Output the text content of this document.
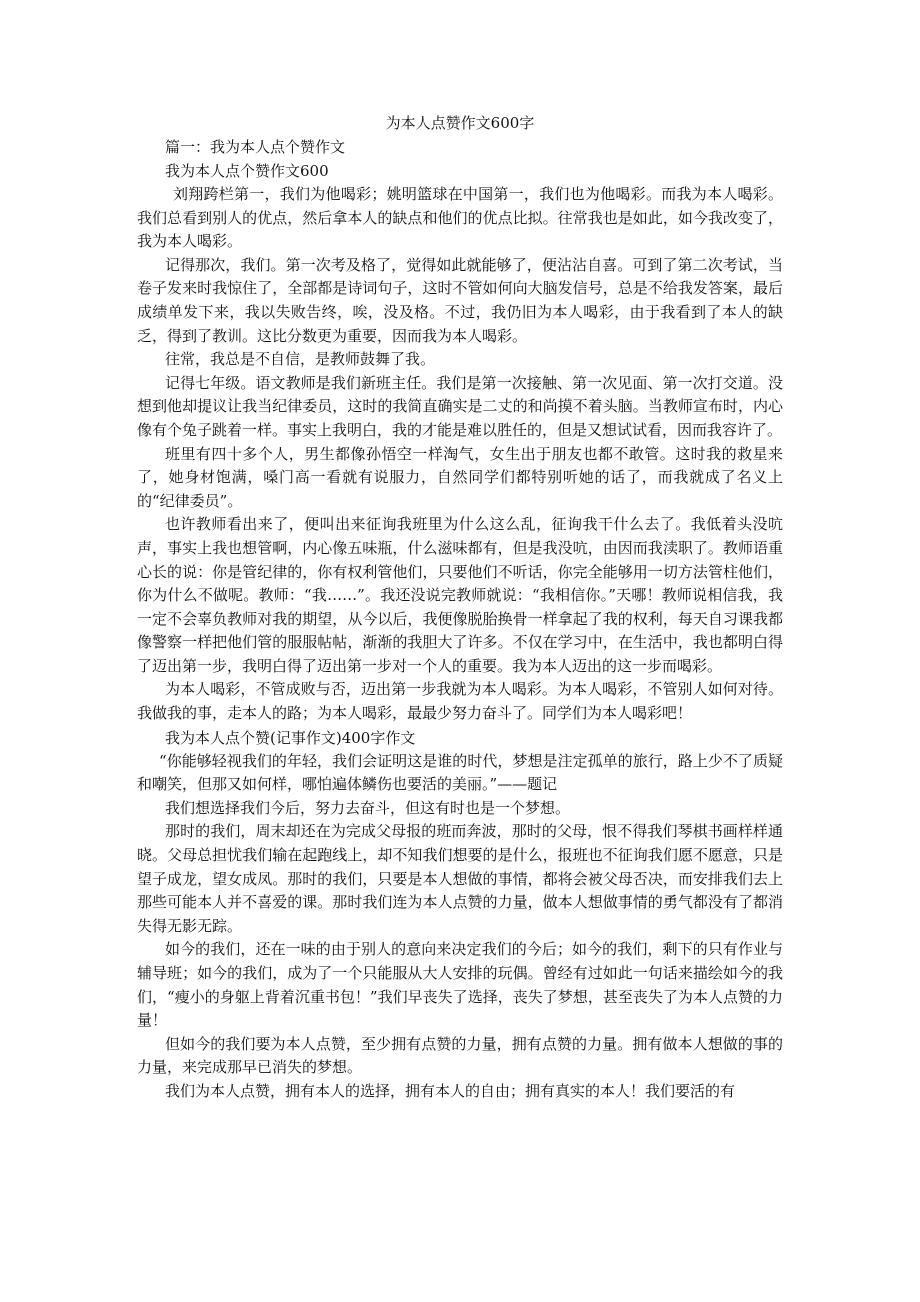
为本人点赞作文600字

篇一：我为本人点个赞作文

我为本人点个赞作文600

刘翔跨栏第一，我们为他喝彩；姚明篮球在中国第一，我们也为他喝彩。而我为本人喝彩。我们总看到别人的优点，然后拿本人的缺点和他们的优点比拟。往常我也是如此，如今我改变了，我为本人喝彩。

记得那次，我们。第一次考及格了，觉得如此就能够了，便沾沾自喜。可到了第二次考试，当卷子发来时我惊住了，全部都是诗词句子，这时不管如何向大脑发信号，总是不给我发答案，最后成绩单发下来，我以失败告终，唉，没及格。不过，我仍旧为本人喝彩，由于我看到了本人的缺乏，得到了教训。这比分数更为重要，因而我为本人喝彩。

往常，我总是不自信，是教师鼓舞了我。

记得七年级。语文教师是我们新班主任。我们是第一次接触、第一次见面、第一次打交道。没想到他却提议让我当纪律委员，这时的我简直确实是二丈的和尚摸不着头脑。当教师宣布时，内心像有个兔子跳着一样。事实上我明白，我的才能是难以胜任的，但是又想试试看，因而我容许了。

班里有四十多个人，男生都像孙悟空一样淘气，女生出于朋友也都不敢管。这时我的救星来了，她身材饱满，嗓门高一看就有说服力，自然同学们都特别听她的话了，而我就成了名义上的“纪律委员”。

也许教师看出来了，便叫出来征询我班里为什么这么乱，征询我干什么去了。我低着头没吭声，事实上我也想管啊，内心像五味瓶，什么滋味都有，但是我没吭，由因而我渎职了。教师语重心长的说：你是管纪律的，你有权利管他们，只要他们不听话，你完全能够用一切方法管柱他们，你为什么不做呢。教师：“我……”。我还没说完教师就说：“我相信你。”天哪！教师说相信我，我一定不会辜负教师对我的期望，从今以后，我便像脱胎换骨一样拿起了我的权利，每天自习课我都像警察一样把他们管的服服帖帖，渐渐的我胆大了许多。不仅在学习中，在生活中，我也都明白得了迈出第一步，我明白得了迈出第一步对一个人的重要。我为本人迈出的这一步而喝彩。

为本人喝彩，不管成败与否，迈出第一步我就为本人喝彩。为本人喝彩，不管别人如何对待。我做我的事，走本人的路；为本人喝彩，最最少努力奋斗了。同学们为本人喝彩吧！

我为本人点个赞(记事作文)400字作文

“你能够轻视我们的年轻，我们会证明这是谁的时代，梦想是注定孤单的旅行，路上少不了质疑和嘲笑，但那又如何样，哪怕遍体鳞伤也要活的美丽。”——题记

我们想选择我们今后，努力去奋斗，但这有时也是一个梦想。

那时的我们，周末却还在为完成父母报的班而奔波，那时的父母，恨不得我们琴棋书画样样通晓。父母总担忧我们输在起跑线上，却不知我们想要的是什么，报班也不征询我们愿不愿意，只是望子成龙，望女成凤。那时的我们，只要是本人想做的事情，都将会被父母否决，而安排我们去上那些可能本人并不喜爱的课。那时我们连为本人点赞的力量，做本人想做事情的勇气都没有了都消失得无影无踪。

如今的我们，还在一味的由于别人的意向来决定我们的今后；如今的我们，剩下的只有作业与辅导班；如今的我们，成为了一个只能服从大人安排的玩偶。曾经有过如此一句话来描绘如今的我们，“瘦小的身躯上背着沉重书包！”我们早丧失了选择，丧失了梦想，甚至丧失了为本人点赞的力量！

但如今的我们要为本人点赞，至少拥有点赞的力量，拥有点赞的力量。拥有做本人想做的事的力量，来完成那早已消失的梦想。

我们为本人点赞，拥有本人的选择，拥有本人的自由；拥有真实的本人！我们要活的有
